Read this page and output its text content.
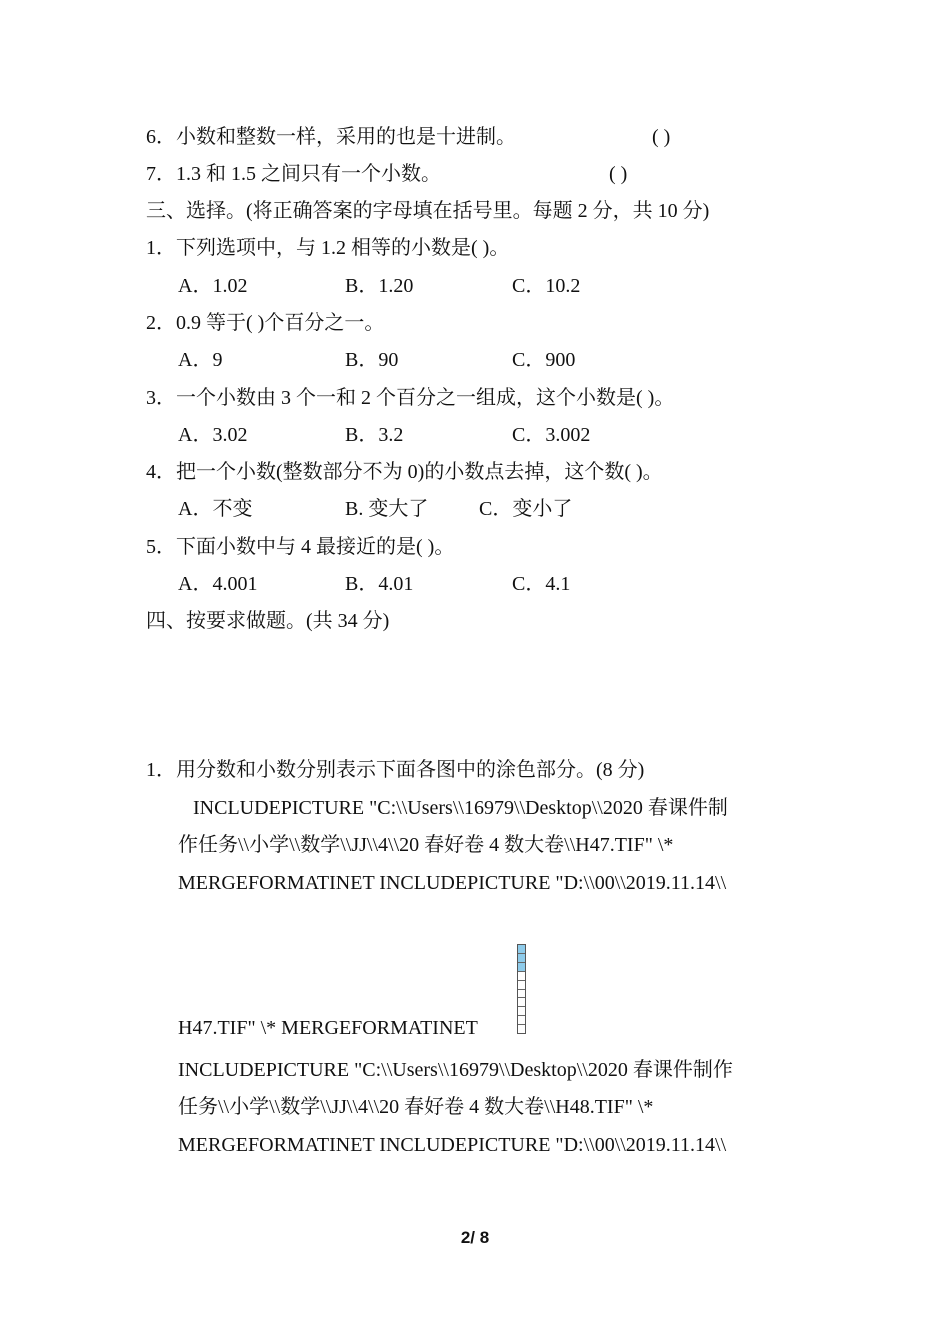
6．小数和整数一样，采用的也是十进制。	( )
7．1.3 和 1.5 之间只有一个小数。	( )
三、选择。(将正确答案的字母填在括号里。每题 2 分，共 10 分)
1．下列选项中，与 1.2 相等的小数是( )。
A．1.02	B．1.20	C．10.2
2．0.9 等于( )个百分之一。
A．9	B．90	C．900
3．一个小数由 3 个一和 2 个百分之一组成，这个小数是( )。
A．3.02	B．3.2	C．3.002
4．把一个小数(整数部分不为 0)的小数点去掉，这个数( )。
A．不变	B. 变大了	C．变小了
5．下面小数中与 4 最接近的是( )。
A．4.001	B．4.01	C．4.1
四、按要求做题。(共 34 分)
1．用分数和小数分别表示下面各图中的涂色部分。(8 分)
INCLUDEPICTURE "C:\\Users\\16979\\Desktop\\2020 春课件制
作任务\\小学\\数学\\JJ\\4\\20 春好卷 4 数大卷\\H47.TIF" \*
MERGEFORMATINET INCLUDEPICTURE "D:\\00\\2019.11.14\\
H47.TIF" \* MERGEFORMATINET
INCLUDEPICTURE "C:\\Users\\16979\\Desktop\\2020 春课件制作
任务\\小学\\数学\\JJ\\4\\20 春好卷 4 数大卷\\H48.TIF" \*
MERGEFORMATINET INCLUDEPICTURE "D:\\00\\2019.11.14\\
2/ 8
